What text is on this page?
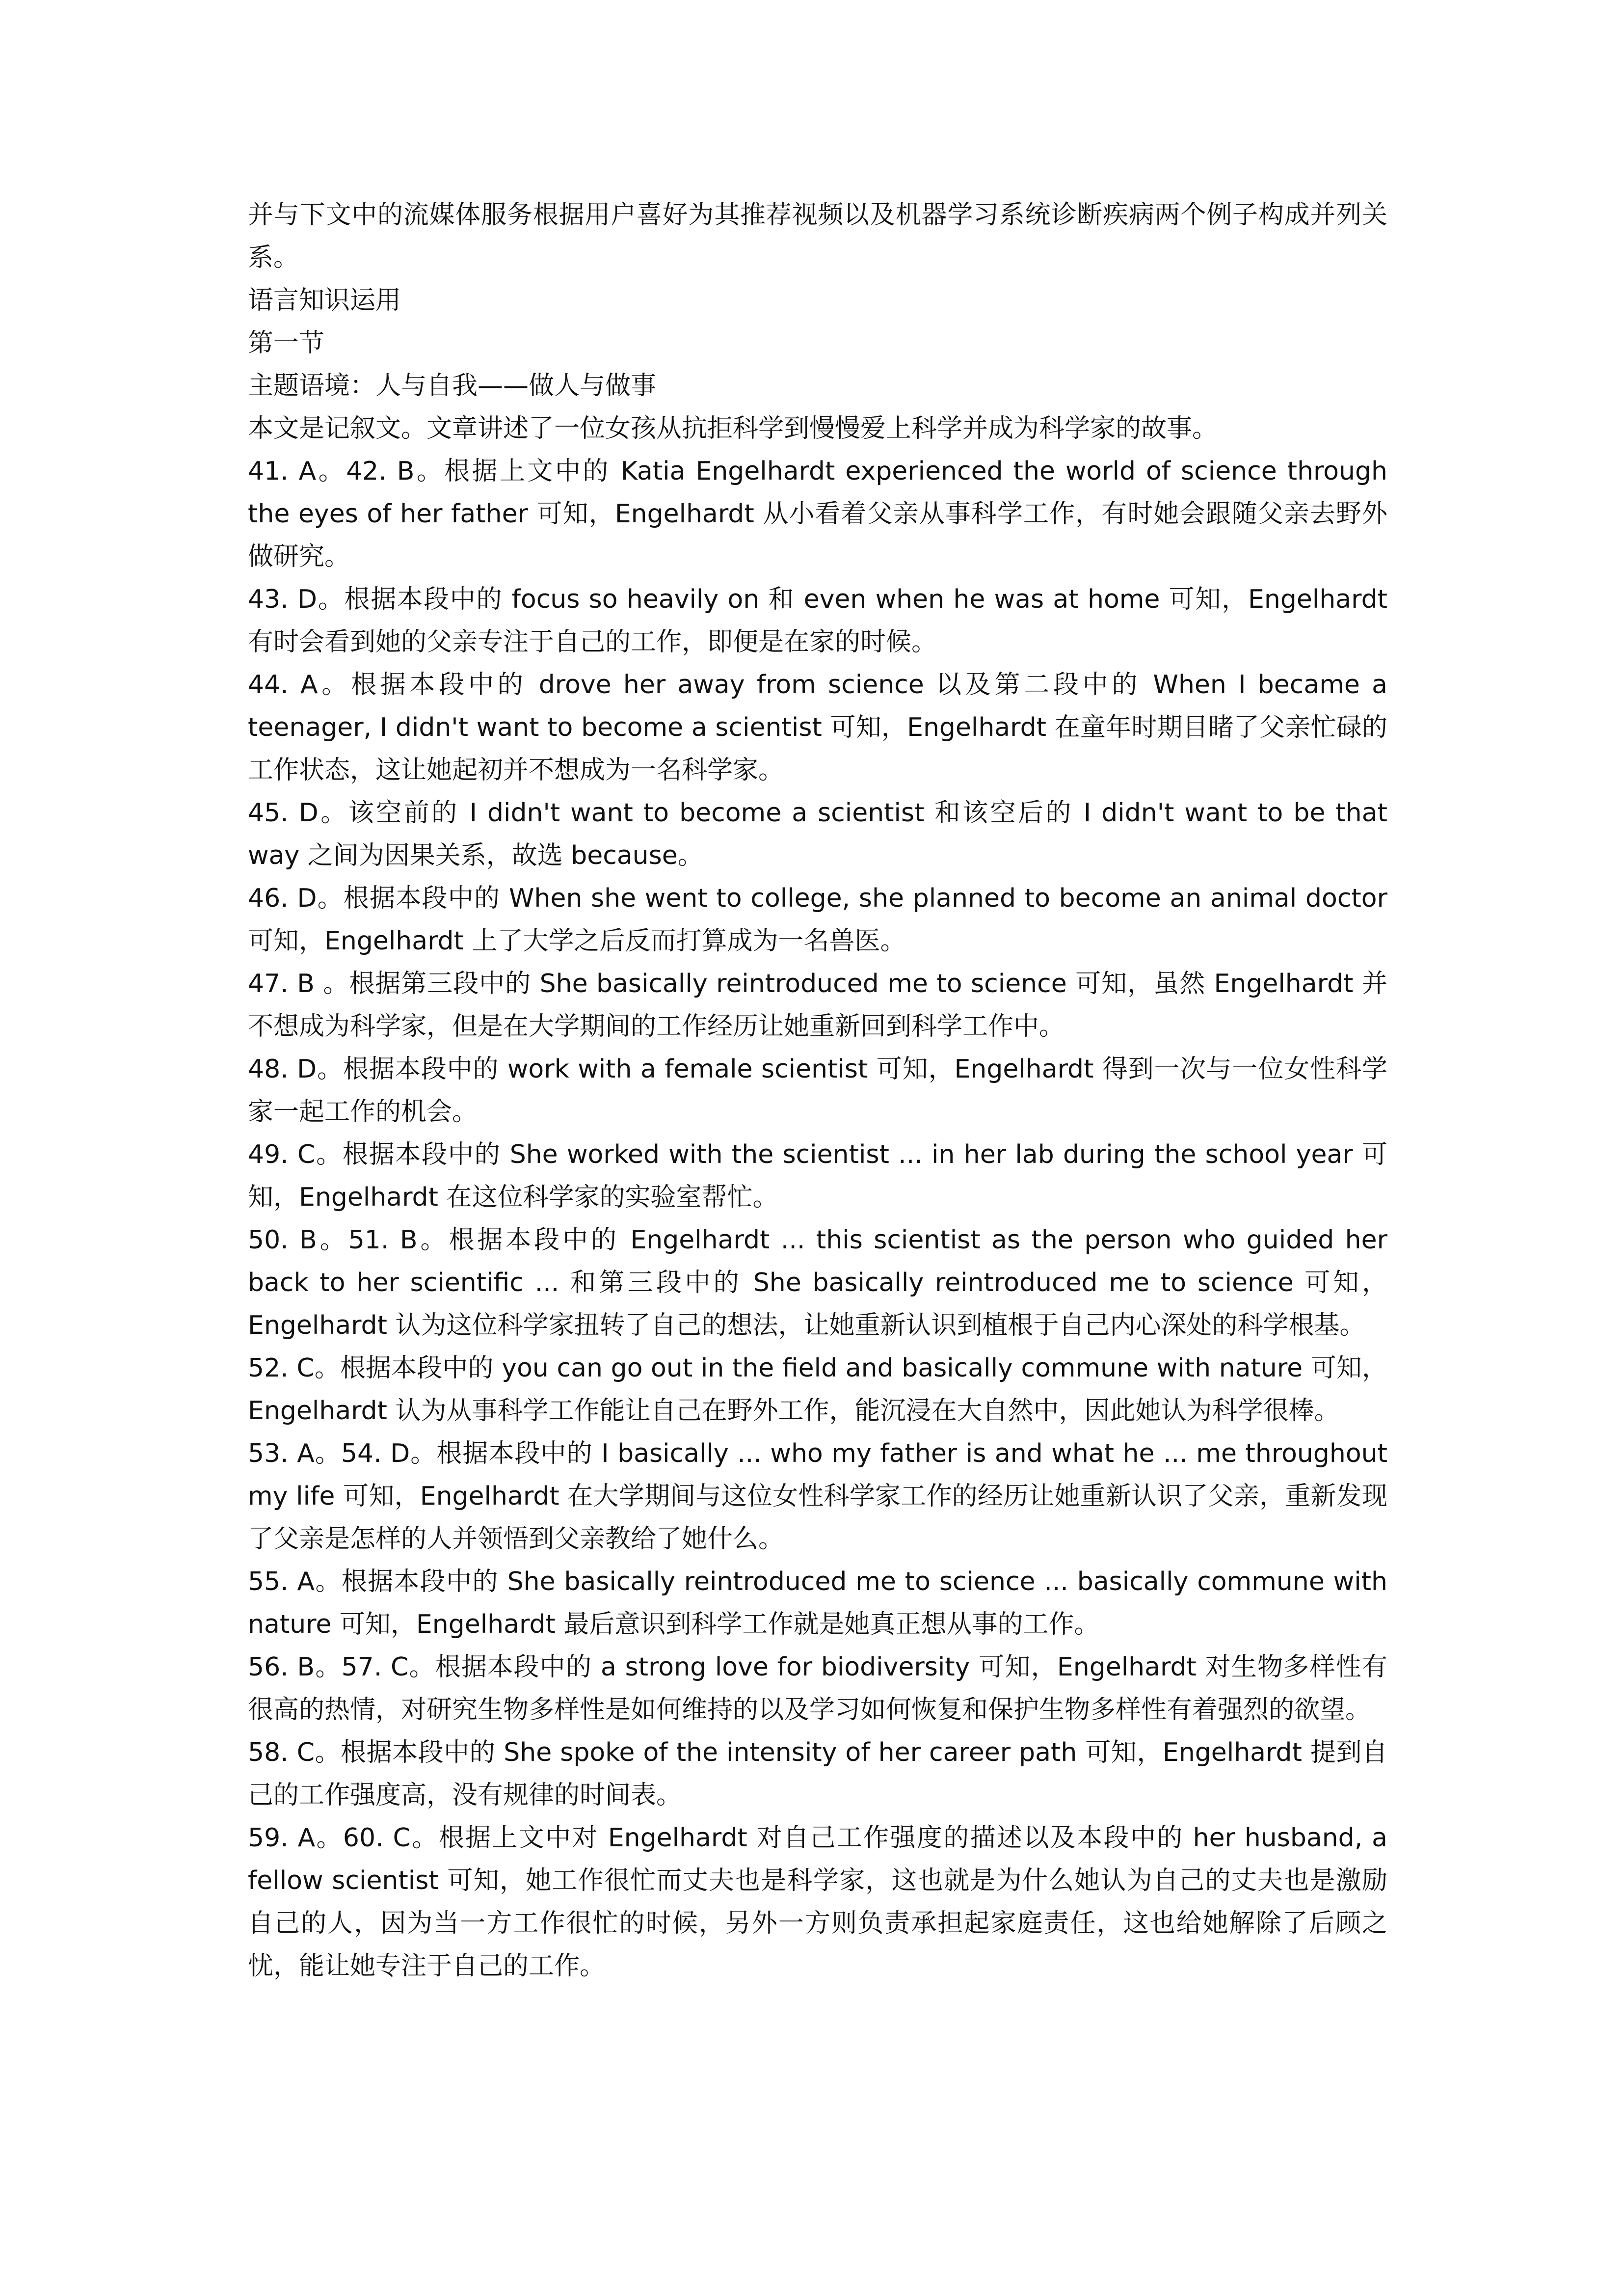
并与下文中的流媒体服务根据用户喜好为其推荐视频以及机器学习系统诊断疾病两个例子构成并列关系。

语言知识运用

第一节

主题语境：人与自我——做人与做事

本文是记叙文。文章讲述了一位女孩从抗拒科学到慢慢爱上科学并成为科学家的故事。

41. A。42. B。根据上文中的 Katia Engelhardt experienced the world of science through the eyes of her father 可知，Engelhardt 从小看着父亲从事科学工作，有时她会跟随父亲去野外做研究。

43. D。根据本段中的 focus so heavily on 和 even when he was at home 可知，Engelhardt 有时会看到她的父亲专注于自己的工作，即便是在家的时候。

44. A。根据本段中的 drove her away from science 以及第二段中的 When I became a teenager, I didn't want to become a scientist 可知，Engelhardt 在童年时期目睹了父亲忙碌的工作状态，这让她起初并不想成为一名科学家。

45. D。该空前的 I didn't want to become a scientist 和该空后的 I didn't want to be that way 之间为因果关系，故选 because。

46. D。根据本段中的 When she went to college, she planned to become an animal doctor 可知，Engelhardt 上了大学之后反而打算成为一名兽医。

47. B 。根据第三段中的 She basically reintroduced me to science 可知，虽然 Engelhardt 并不想成为科学家，但是在大学期间的工作经历让她重新回到科学工作中。

48. D。根据本段中的 work with a female scientist 可知，Engelhardt 得到一次与一位女性科学家一起工作的机会。

49. C。根据本段中的 She worked with the scientist ... in her lab during the school year 可知，Engelhardt 在这位科学家的实验室帮忙。

50. B。51. B。根据本段中的 Engelhardt ... this scientist as the person who guided her back to her scientific ... 和第三段中的 She basically reintroduced me to science 可知，Engelhardt 认为这位科学家扭转了自己的想法，让她重新认识到植根于自己内心深处的科学根基。

52. C。根据本段中的 you can go out in the field and basically commune with nature 可知，Engelhardt 认为从事科学工作能让自己在野外工作，能沉浸在大自然中，因此她认为科学很棒。

53. A。54. D。根据本段中的 I basically ... who my father is and what he ... me throughout my life 可知，Engelhardt 在大学期间与这位女性科学家工作的经历让她重新认识了父亲，重新发现了父亲是怎样的人并领悟到父亲教给了她什么。

55. A。根据本段中的 She basically reintroduced me to science ... basically commune with nature 可知，Engelhardt 最后意识到科学工作就是她真正想从事的工作。

56. B。57. C。根据本段中的 a strong love for biodiversity 可知，Engelhardt 对生物多样性有很高的热情，对研究生物多样性是如何维持的以及学习如何恢复和保护生物多样性有着强烈的欲望。

58. C。根据本段中的 She spoke of the intensity of her career path 可知，Engelhardt 提到自己的工作强度高，没有规律的时间表。

59. A。60. C。根据上文中对 Engelhardt 对自己工作强度的描述以及本段中的 her husband, a fellow scientist 可知，她工作很忙而丈夫也是科学家，这也就是为什么她认为自己的丈夫也是激励自己的人，因为当一方工作很忙的时候，另外一方则负责承担起家庭责任，这也给她解除了后顾之忧，能让她专注于自己的工作。
